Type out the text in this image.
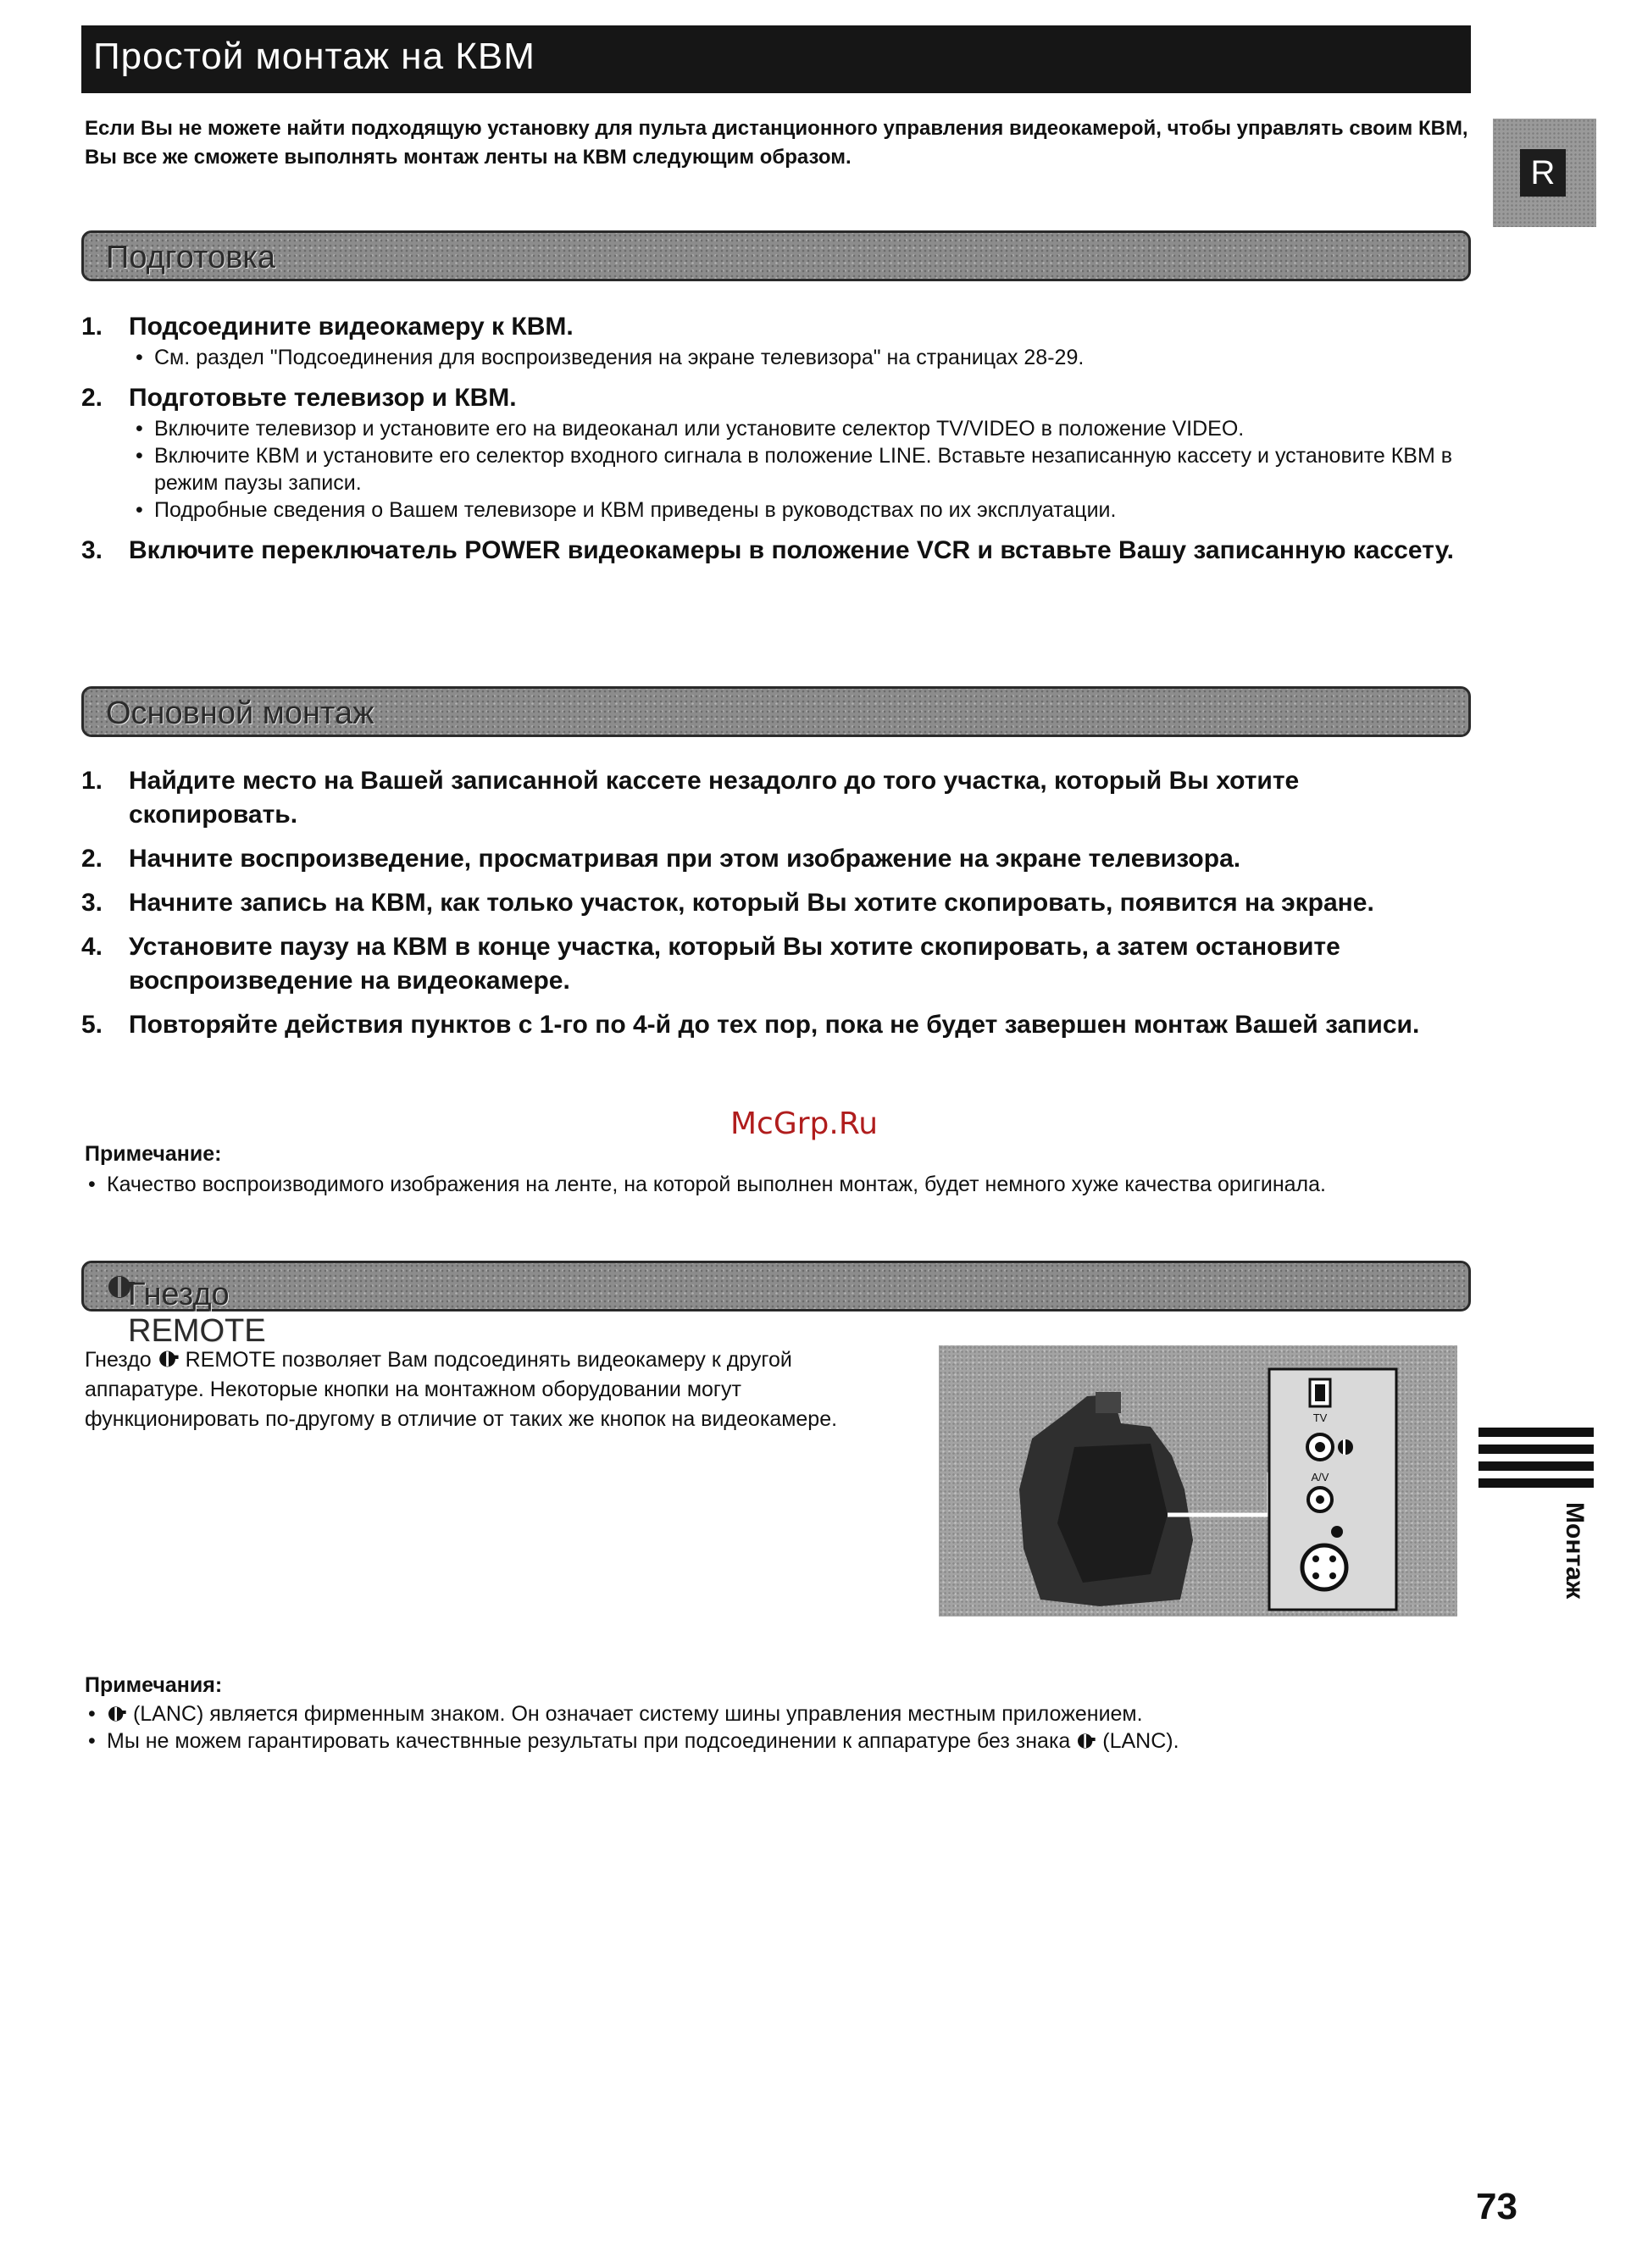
Простой монтаж на КВМ
Если Вы не можете найти подходящую установку для пульта дистанционного управления видеокамерой, чтобы управлять своим КВМ, Вы все же сможете выполнять монтаж ленты на КВМ следующим образом.	R
Подготовка
1. Подсоедините видеокамеру к КВМ.
• См. раздел "Подсоединения для воспроизведения на экране телевизора" на страницах 28-29.
2. Подготовьте телевизор и КВМ.
• Включите телевизор и установите его на видеоканал или установите селектор TV/VIDEO в положение VIDEO.
• Включите КВМ и установите его селектор входного сигнала в положение LINE. Вставьте незаписанную кассету и установите КВМ в режим паузы записи.
• Подробные сведения о Вашем телевизоре и КВМ приведены в руководствах по их эксплуатации.
3. Включите переключатель POWER видеокамеры в положение VCR и вставьте Вашу записанную кассету.
Основной монтаж
1. Найдите место на Вашей записанной кассете незадолго до того участка, который Вы хотите скопировать.
2. Начните воспроизведение, просматривая при этом изображение на экране телевизора.
3. Начните запись на КВМ, как только участок, который Вы хотите скопировать, появится на экране.
4. Установите паузу на КВМ в конце участка, который Вы хотите скопировать, а затем остановите воспроизведение на видеокамере.
5. Повторяйте действия пунктов с 1-го по 4-й до тех пор, пока не будет завершен монтаж Вашей записи.
McGrp.Ru
Примечание:
• Качество воспроизводимого изображения на ленте, на которой выполнен монтаж, будет немного хуже качества оригинала.
Гнездо REMOTE
Гнездо REMOTE позволяет Вам подсоединять видеокамеру к другой аппаратуре. Некоторые кнопки на монтажном оборудовании могут функционировать по-другому в отличие от таких же кнопок на видеокамере.	TV
A/V
Примечания:
• (LANC) является фирменным знаком. Он означает систему шины управления местным приложением.
• Мы не можем гарантировать качествнные результаты при подсоединении к аппаратуре без знака (LANC).
Монтаж
73
